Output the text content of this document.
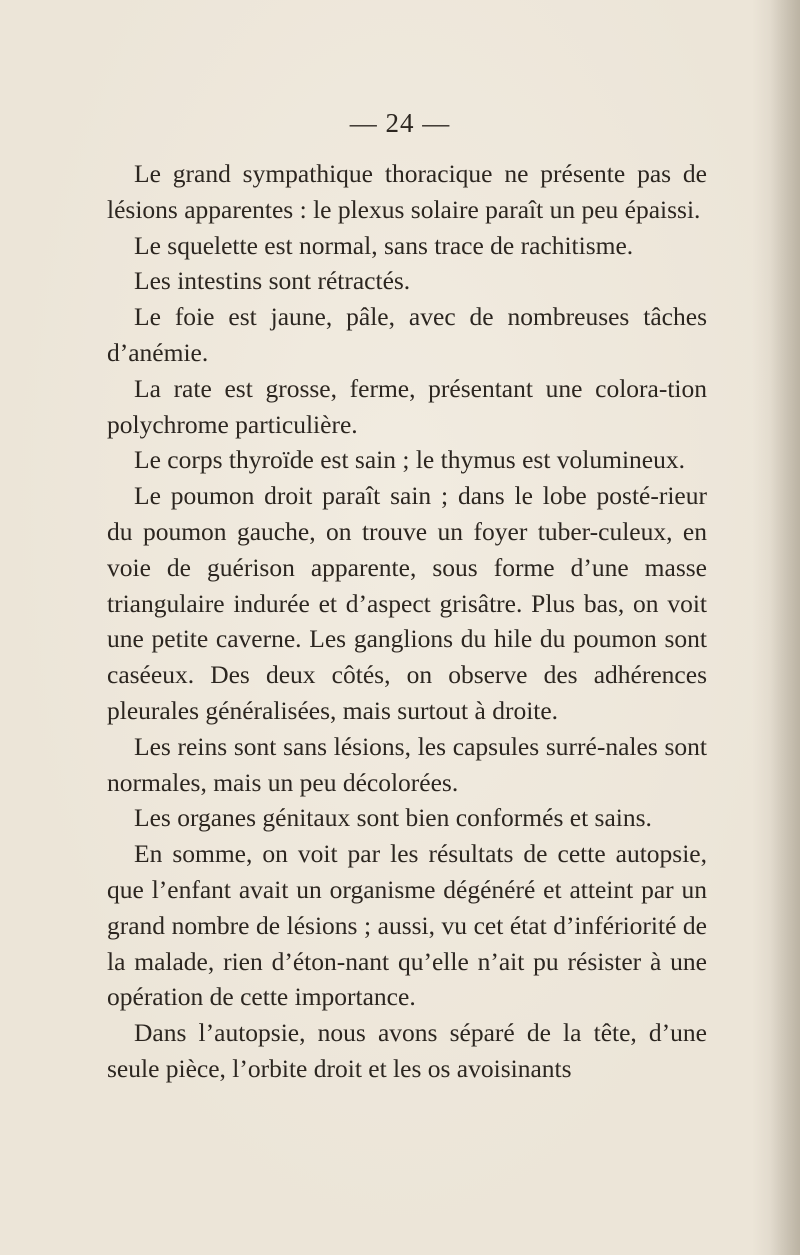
— 24 —

Le grand sympathique thoracique ne présente pas de lésions apparentes : le plexus solaire paraît un peu épaissi.

Le squelette est normal, sans trace de rachitisme.

Les intestins sont rétractés.

Le foie est jaune, pâle, avec de nombreuses tâches d’anémie.

La rate est grosse, ferme, présentant une colora-tion polychrome particulière.

Le corps thyroïde est sain ; le thymus est volumineux.

Le poumon droit paraît sain ; dans le lobe posté-rieur du poumon gauche, on trouve un foyer tuber-culeux, en voie de guérison apparente, sous forme d’une masse triangulaire indurée et d’aspect grisâtre. Plus bas, on voit une petite caverne. Les ganglions du hile du poumon sont caséeux. Des deux côtés, on observe des adhérences pleurales généralisées, mais surtout à droite.

Les reins sont sans lésions, les capsules surré-nales sont normales, mais un peu décolorées.

Les organes génitaux sont bien conformés et sains.

En somme, on voit par les résultats de cette autopsie, que l’enfant avait un organisme dégénéré et atteint par un grand nombre de lésions ; aussi, vu cet état d’infériorité de la malade, rien d’éton-nant qu’elle n’ait pu résister à une opération de cette importance.

Dans l’autopsie, nous avons séparé de la tête, d’une seule pièce, l’orbite droit et les os avoisinants
